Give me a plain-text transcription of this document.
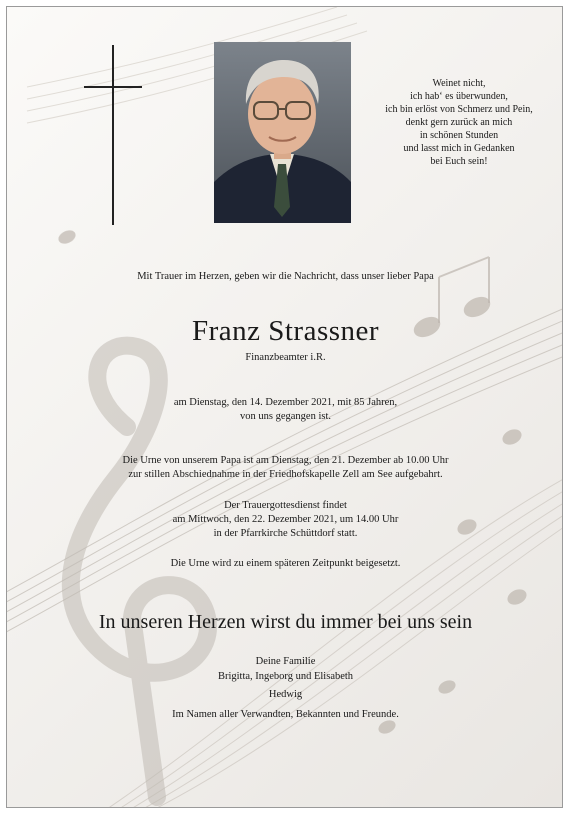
Weinet nicht,
ich hab‘ es überwunden,
ich bin erlöst von Schmerz und Pein,
denkt gern zurück an mich
in schönen Stunden
und lasst mich in Gedanken
bei Euch sein!
Mit Trauer im Herzen, geben wir die Nachricht, dass unser lieber Papa
Franz Strassner
Finanzbeamter i.R.
am Dienstag, den 14. Dezember 2021, mit 85 Jahren,
von uns gegangen ist.
Die Urne von unserem Papa ist am Dienstag, den 21. Dezember ab 10.00 Uhr
zur stillen Abschiednahme in der Friedhofskapelle Zell am See aufgebahrt.
Der Trauergottesdienst findet
am Mittwoch, den 22. Dezember 2021, um 14.00 Uhr
in der Pfarrkirche Schüttdorf statt.
Die Urne wird zu einem späteren Zeitpunkt beigesetzt.
In unseren Herzen wirst du immer bei uns sein
Deine Familie
Brigitta, Ingeborg und Elisabeth
Hedwig
Im Namen aller Verwandten, Bekannten und Freunde.
